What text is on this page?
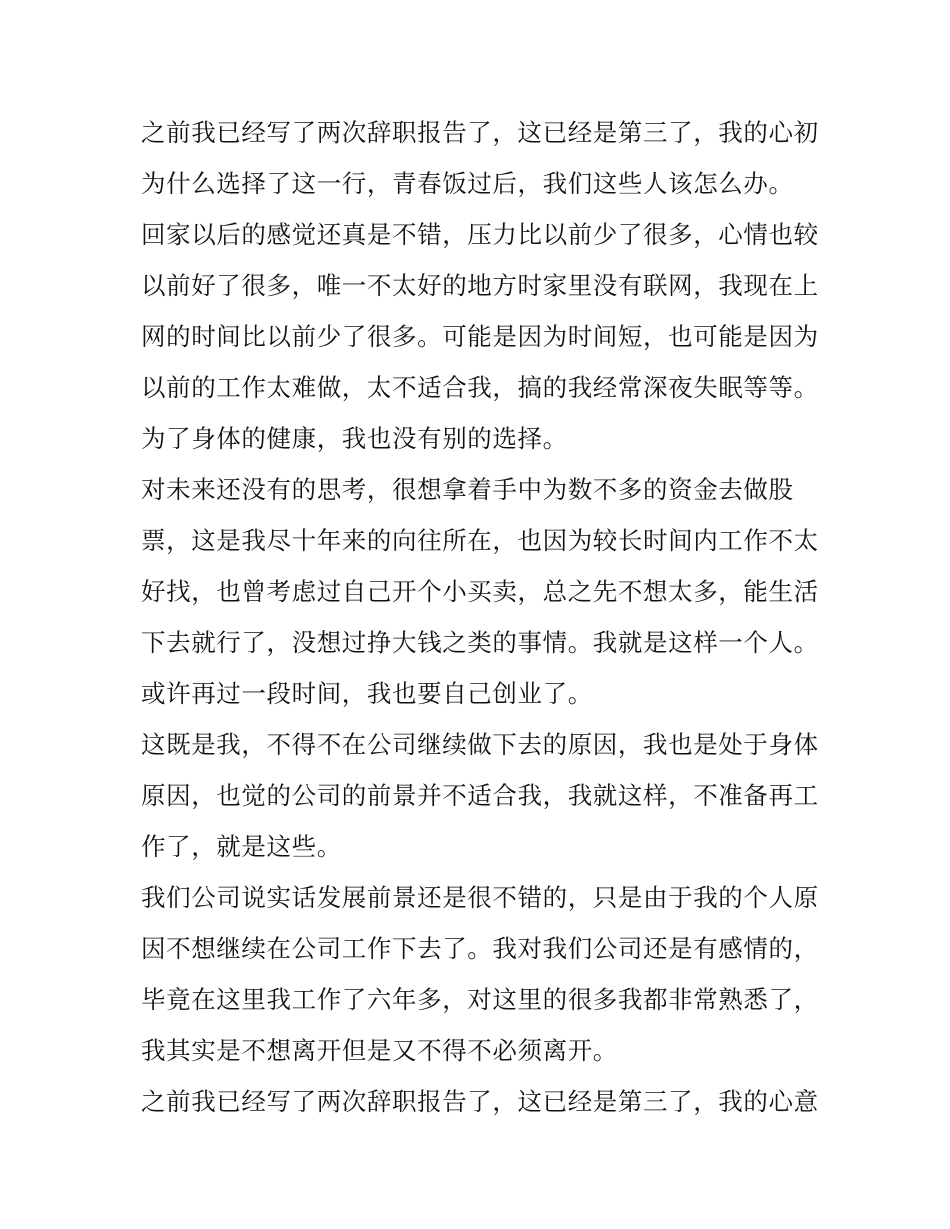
之前我已经写了两次辞职报告了，这已经是第三了，我的心初
为什么选择了这一行，青春饭过后，我们这些人该怎么办。
回家以后的感觉还真是不错，压力比以前少了很多，心情也较
以前好了很多，唯一不太好的地方时家里没有联网，我现在上
网的时间比以前少了很多。可能是因为时间短，也可能是因为
以前的工作太难做，太不适合我，搞的我经常深夜失眠等等。
为了身体的健康，我也没有别的选择。
对未来还没有的思考，很想拿着手中为数不多的资金去做股
票，这是我尽十年来的向往所在，也因为较长时间内工作不太
好找，也曾考虑过自己开个小买卖，总之先不想太多，能生活
下去就行了，没想过挣大钱之类的事情。我就是这样一个人。
或许再过一段时间，我也要自己创业了。
这既是我，不得不在公司继续做下去的原因，我也是处于身体
原因，也觉的公司的前景并不适合我，我就这样，不准备再工
作了，就是这些。
我们公司说实话发展前景还是很不错的，只是由于我的个人原
因不想继续在公司工作下去了。我对我们公司还是有感情的，
毕竟在这里我工作了六年多，对这里的很多我都非常熟悉了，
我其实是不想离开但是又不得不必须离开。
之前我已经写了两次辞职报告了，这已经是第三了，我的心意
